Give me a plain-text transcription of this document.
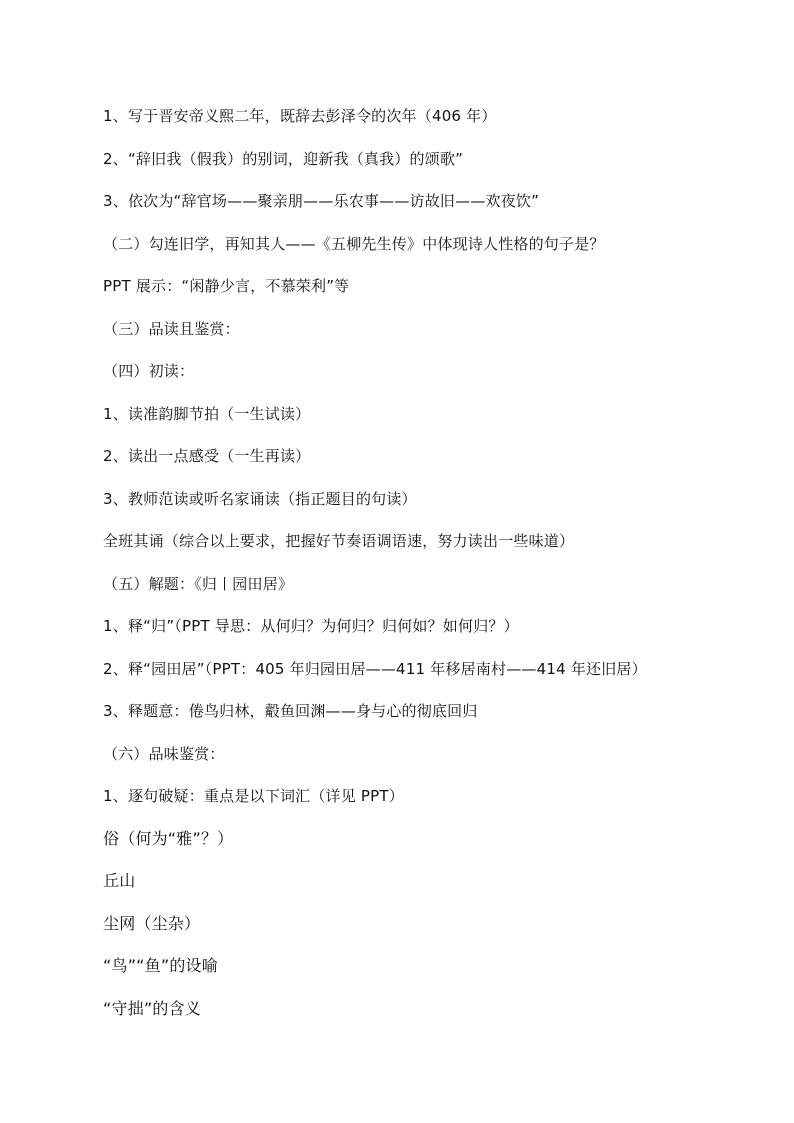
1、写于晋安帝义熙二年，既辞去彭泽令的次年（406 年）
2、“辞旧我（假我）的别词，迎新我（真我）的颂歌”
3、依次为“辞官场——聚亲朋——乐农事——访故旧——欢夜饮”
（二）勾连旧学，再知其人——《五柳先生传》中体现诗人性格的句子是？
PPT 展示：“闲静少言，不慕荣利”等
（三）品读且鉴赏：
（四）初读：
1、读准韵脚节拍（一生试读）
2、读出一点感受（一生再读）
3、教师范读或听名家诵读（指正题目的句读）
全班其诵（综合以上要求，把握好节奏语调语速，努力读出一些味道）
（五）解题：《归丨园田居》
1、释“归”（PPT 导思：从何归？为何归？归何如？如何归？）
2、释“园田居”（PPT：405 年归园田居——411 年移居南村——414 年还旧居）
3、释题意：倦鸟归林，觳鱼回渊——身与心的彻底回归
（六）品味鉴赏：
1、逐句破疑：重点是以下词汇（详见 PPT）
俗（何为“雅”？）
丘山
尘网（尘杂）
“鸟”“鱼”的设喻
“守拙”的含义
